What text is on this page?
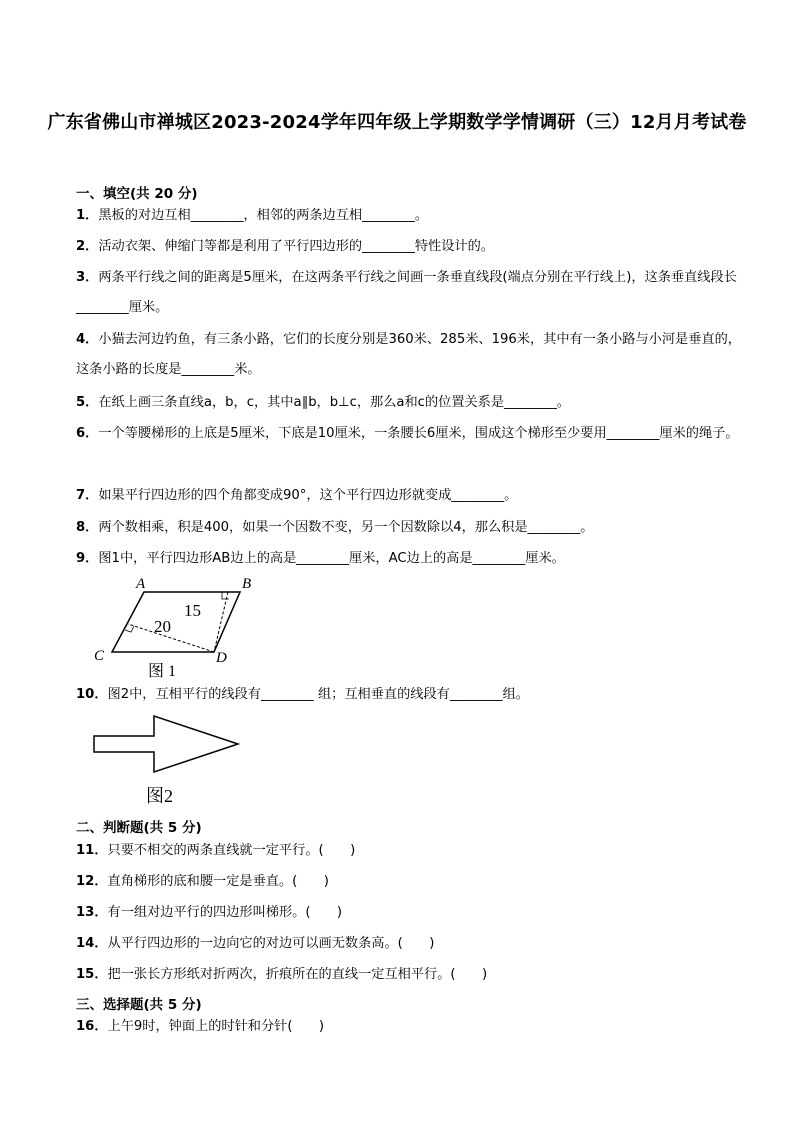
广东省佛山市禅城区2023-2024学年四年级上学期数学学情调研（三）12月月考试卷
一、填空(共 20 分)
1．黑板的对边互相________，相邻的两条边互相________。
2．活动衣架、伸缩门等都是利用了平行四边形的________特性设计的。
3．两条平行线之间的距离是5厘米，在这两条平行线之间画一条垂直线段(端点分别在平行线上)，这条垂直线段长________厘米。
4．小猫去河边钓鱼，有三条小路，它们的长度分别是360米、285米、196米，其中有一条小路与小河是垂直的，这条小路的长度是________米。
5．在纸上画三条直线a，b，c，其中a∥b，b⊥c，那么a和c的位置关系是________。
6．一个等腰梯形的上底是5厘米，下底是10厘米，一条腰长6厘米，围成这个梯形至少要用________厘米的绳子。
7．如果平行四边形的四个角都变成90°，这个平行四边形就变成________。
8．两个数相乘，积是400，如果一个因数不变，另一个因数除以4，那么积是________。
9．图1中，平行四边形AB边上的高是________厘米，AC边上的高是________厘米。
A	B
C	D
15
20
图 1
10．图2中，互相平行的线段有________ 组；互相垂直的线段有________组。
图2
二、判断题(共 5 分)
11．只要不相交的两条直线就一定平行。(　　)
12．直角梯形的底和腰一定是垂直。(　　)
13．有一组对边平行的四边形叫梯形。(　　)
14．从平行四边形的一边向它的对边可以画无数条高。(　　)
15．把一张长方形纸对折两次，折痕所在的直线一定互相平行。(　　)
三、选择题(共 5 分)
16．上午9时，钟面上的时针和分针(　　)
